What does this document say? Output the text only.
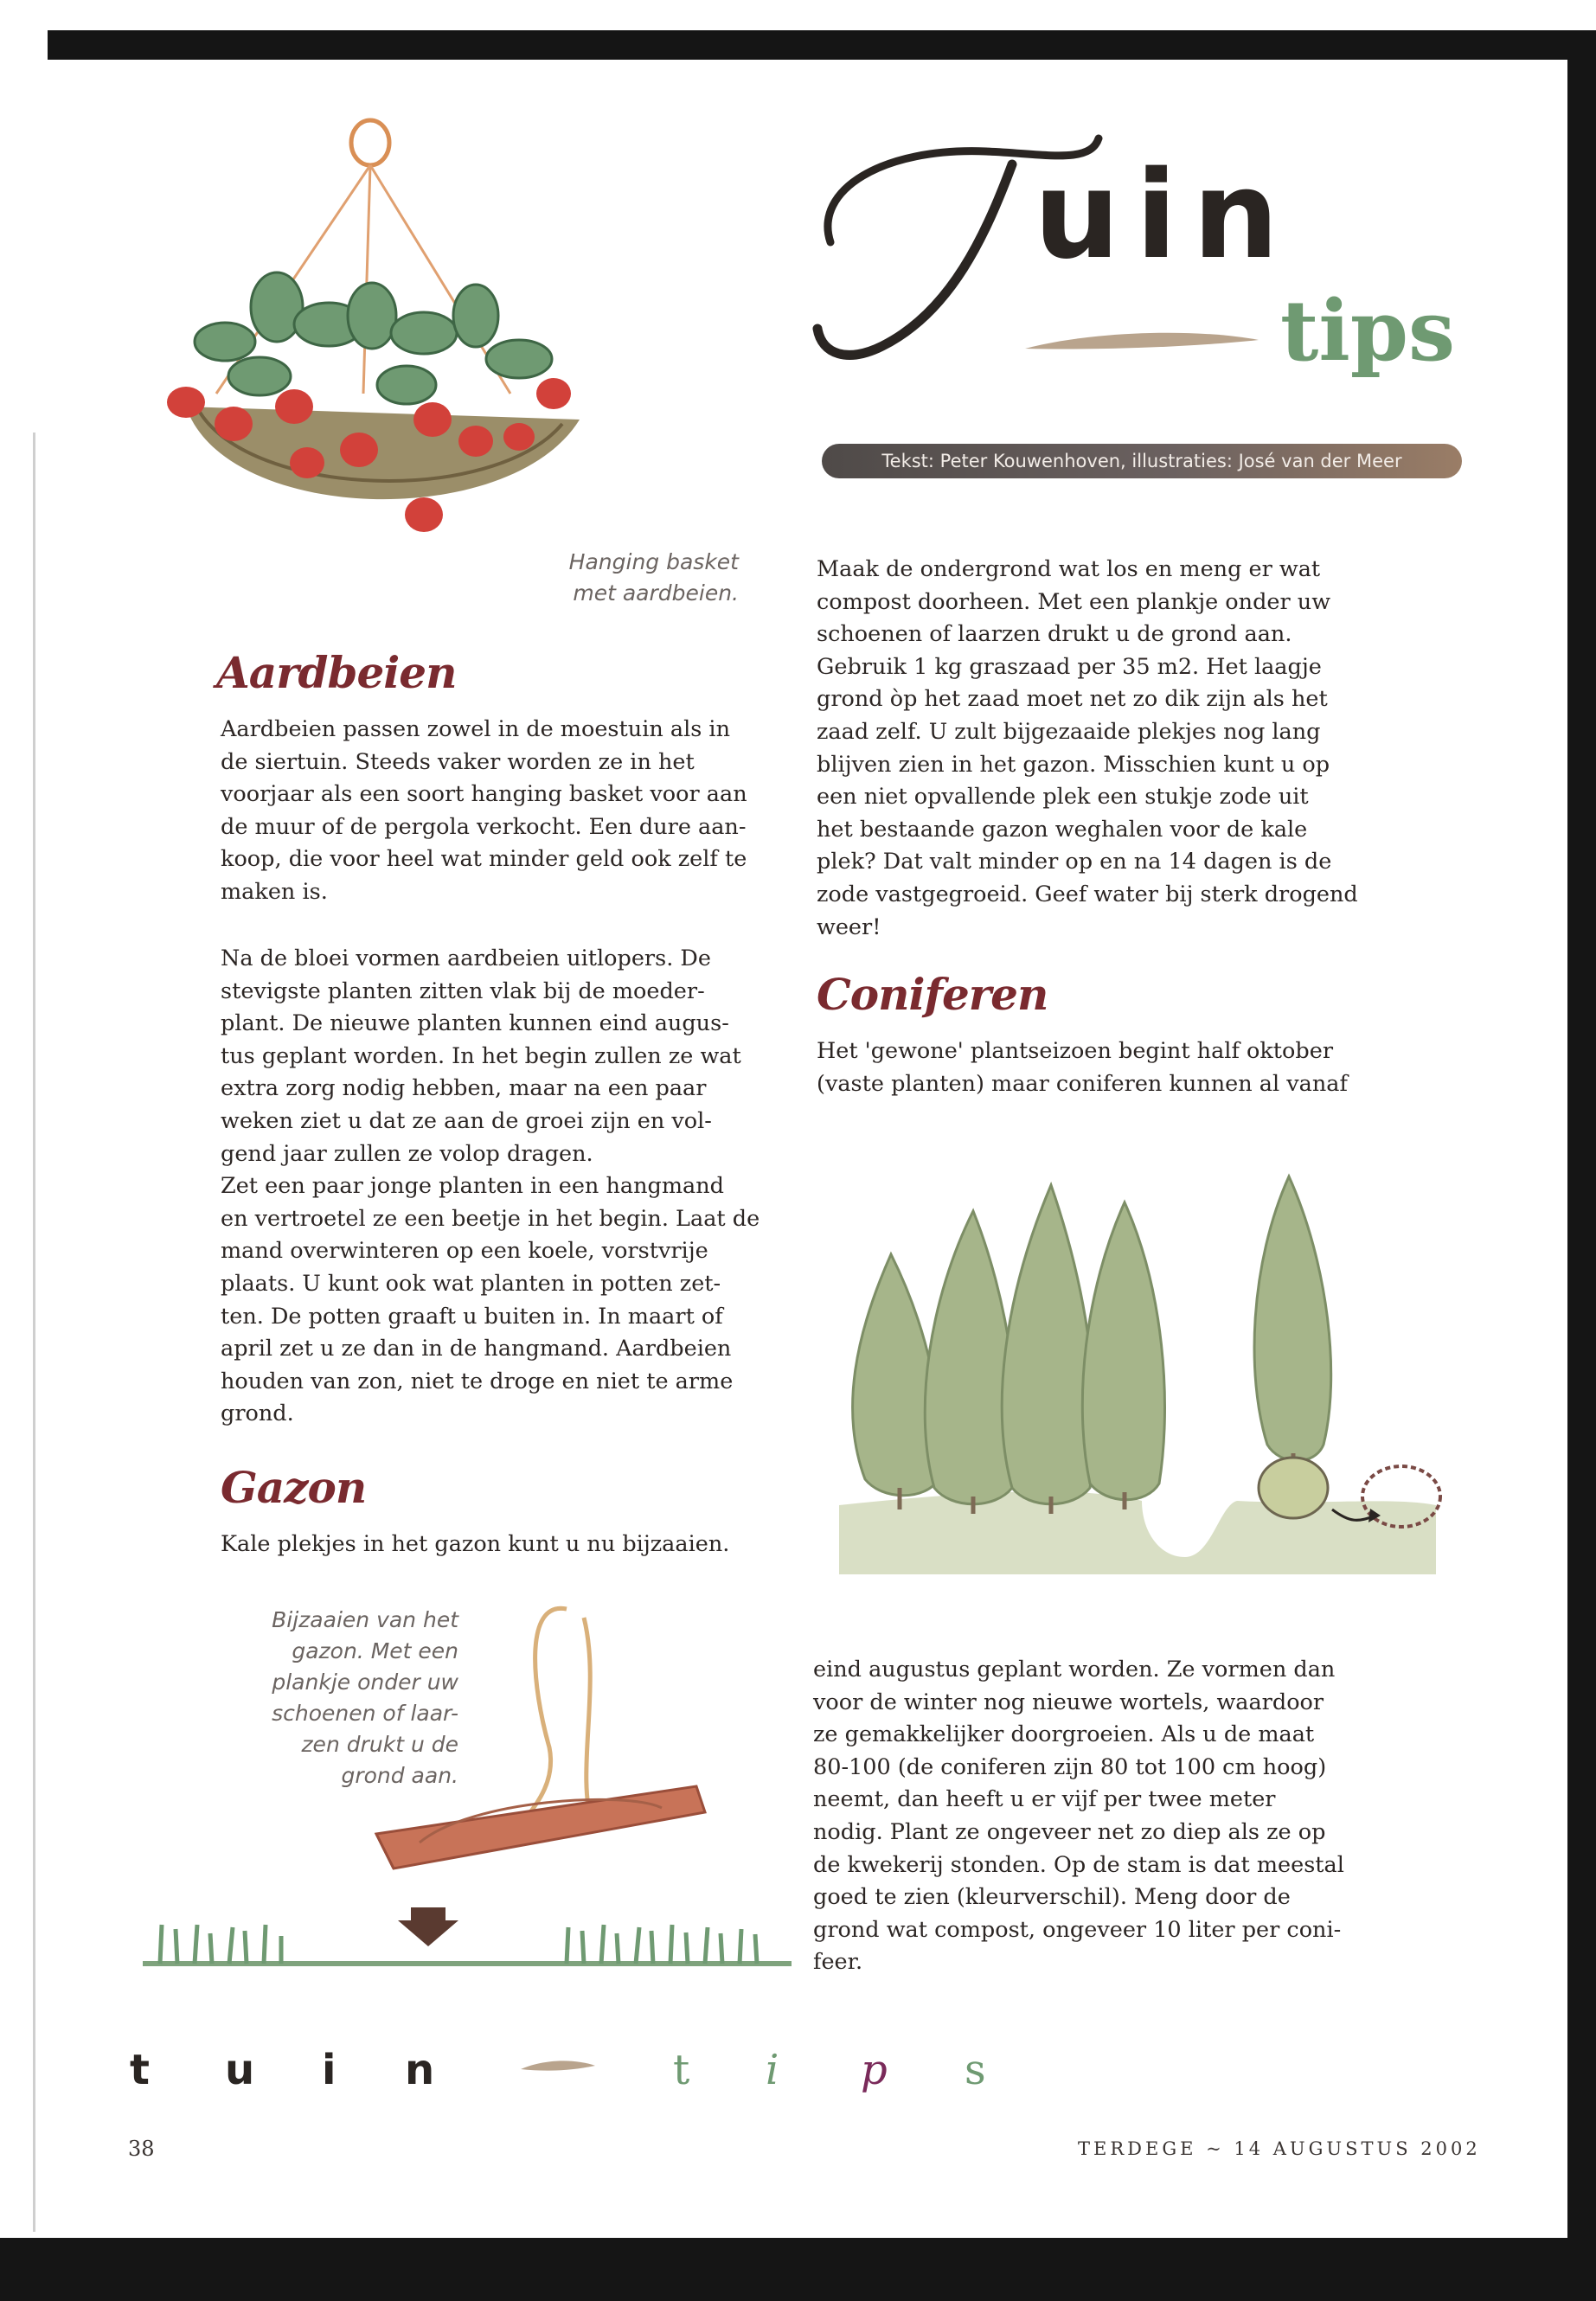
uin
tips
Tekst: Peter Kouwenhoven, illustraties: José van der Meer

Hanging basket
met aardbeien.

Aardbeien

Aardbeien passen zowel in de moestuin als in
de siertuin. Steeds vaker worden ze in het
voorjaar als een soort hanging basket voor aan
de muur of de pergola verkocht. Een dure aan-
koop, die voor heel wat minder geld ook zelf te
maken is.

Na de bloei vormen aardbeien uitlopers. De
stevigste planten zitten vlak bij de moeder-
plant. De nieuwe planten kunnen eind augus-
tus geplant worden. In het begin zullen ze wat
extra zorg nodig hebben, maar na een paar
weken ziet u dat ze aan de groei zijn en vol-
gend jaar zullen ze volop dragen.
Zet een paar jonge planten in een hangmand
en vertroetel ze een beetje in het begin. Laat de
mand overwinteren op een koele, vorstvrije
plaats. U kunt ook wat planten in potten zet-
ten. De potten graaft u buiten in. In maart of
april zet u ze dan in de hangmand. Aardbeien
houden van zon, niet te droge en niet te arme
grond.

Gazon

Kale plekjes in het gazon kunt u nu bijzaaien.

Bijzaaien van het
gazon. Met een
plankje onder uw
schoenen of laar-
zen drukt u de
grond aan.

Maak de ondergrond wat los en meng er wat
compost doorheen. Met een plankje onder uw
schoenen of laarzen drukt u de grond aan.
Gebruik 1 kg graszaad per 35 m2. Het laagje
grond òp het zaad moet net zo dik zijn als het
zaad zelf. U zult bijgezaaide plekjes nog lang
blijven zien in het gazon. Misschien kunt u op
een niet opvallende plek een stukje zode uit
het bestaande gazon weghalen voor de kale
plek? Dat valt minder op en na 14 dagen is de
zode vastgegroeid. Geef water bij sterk drogend
weer!

Coniferen

Het 'gewone' plantseizoen begint half oktober
(vaste planten) maar coniferen kunnen al vanaf

eind augustus geplant worden. Ze vormen dan
voor de winter nog nieuwe wortels, waardoor
ze gemakkelijker doorgroeien. Als u de maat
80-100 (de coniferen zijn 80 tot 100 cm hoog)
neemt, dan heeft u er vijf per twee meter
nodig. Plant ze ongeveer net zo diep als ze op
de kwekerij stonden. Op de stam is dat meestal
goed te zien (kleurverschil). Meng door de
grond wat compost, ongeveer 10 liter per coni-
feer.

t u i n	t i p s
38	TERDEGE ~ 14 AUGUSTUS 2002
